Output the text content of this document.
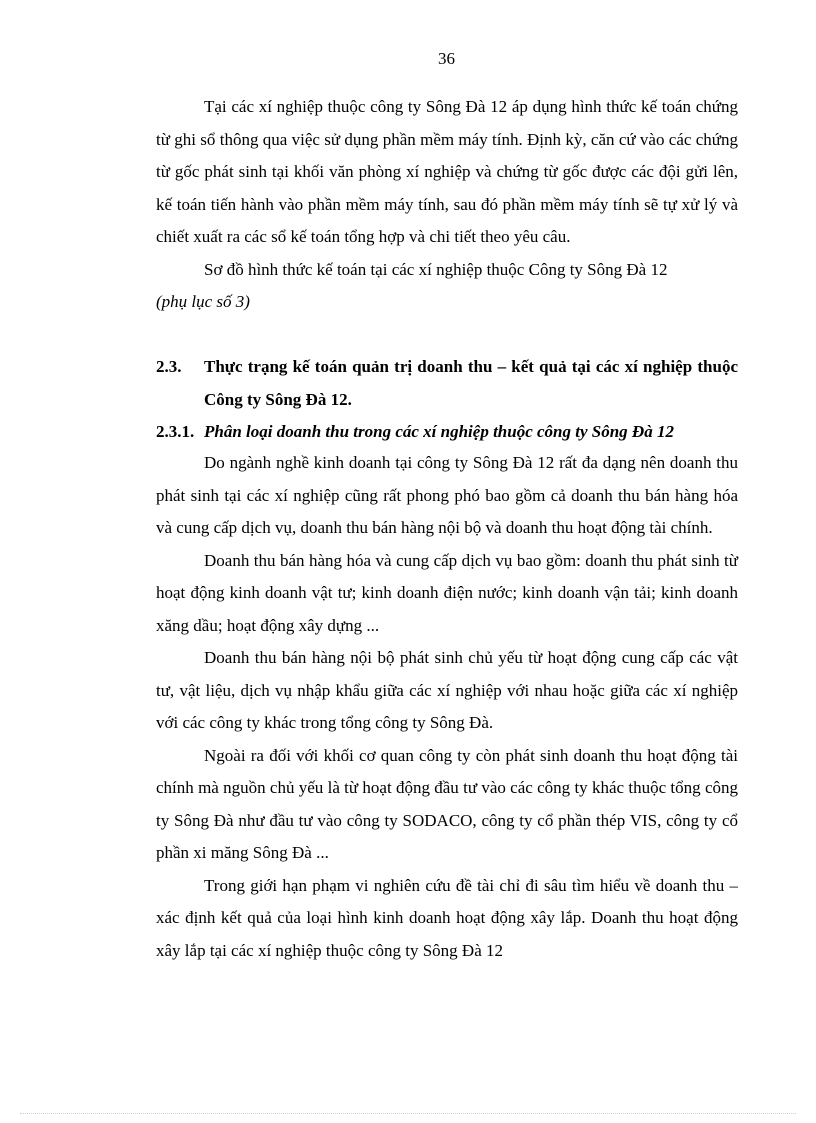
36

Tại các xí nghiệp thuộc công ty Sông Đà 12 áp dụng hình thức kế toán chứng từ ghi sổ thông qua việc sử dụng phần mềm máy tính. Định kỳ, căn cứ vào các chứng từ gốc phát sinh tại khối văn phòng xí nghiệp và chứng từ gốc được các đội gửi lên, kế toán tiến hành vào phần mềm máy tính, sau đó phần mềm máy tính sẽ tự xử lý và chiết xuất ra các sổ kế toán tổng hợp và chi tiết theo yêu câu.

Sơ đồ hình thức kế toán tại các xí nghiệp thuộc Công ty Sông Đà 12

(phụ lục số 3)

2.3. Thực trạng kế toán quản trị doanh thu – kết quả tại các xí nghiệp thuộc Công ty Sông Đà 12.
2.3.1. Phân loại doanh thu trong các xí nghiệp thuộc công ty Sông Đà 12

Do ngành nghề kinh doanh tại công ty Sông Đà 12 rất đa dạng nên doanh thu phát sinh tại các xí nghiệp cũng rất phong phó bao gồm cả doanh thu bán hàng hóa và cung cấp dịch vụ, doanh thu bán hàng nội bộ và doanh thu hoạt động tài chính.

Doanh thu bán hàng hóa và cung cấp dịch vụ bao gồm: doanh thu phát sinh từ hoạt động kinh doanh vật tư; kinh doanh điện nước; kinh doanh vận tải; kinh doanh xăng dầu; hoạt động xây dựng ...

Doanh thu bán hàng nội bộ phát sinh chủ yếu từ hoạt động cung cấp các vật tư, vật liệu, dịch vụ nhập khẩu giữa các xí nghiệp với nhau hoặc giữa các xí nghiệp với các công ty khác trong tổng công ty Sông Đà.

Ngoài ra đối với khối cơ quan công ty còn phát sinh doanh thu hoạt động tài chính mà nguồn chủ yếu là từ hoạt động đầu tư vào các công ty khác thuộc tổng công ty Sông Đà như đầu tư vào công ty SODACO, công ty cổ phần thép VIS, công ty cổ phần xi măng Sông Đà ...

Trong giới hạn phạm vi nghiên cứu đề tài chỉ đi sâu tìm hiểu về doanh thu – xác định kết quả của loại hình kinh doanh hoạt động xây lắp. Doanh thu hoạt động xây lắp tại các xí nghiệp thuộc công ty Sông Đà 12
